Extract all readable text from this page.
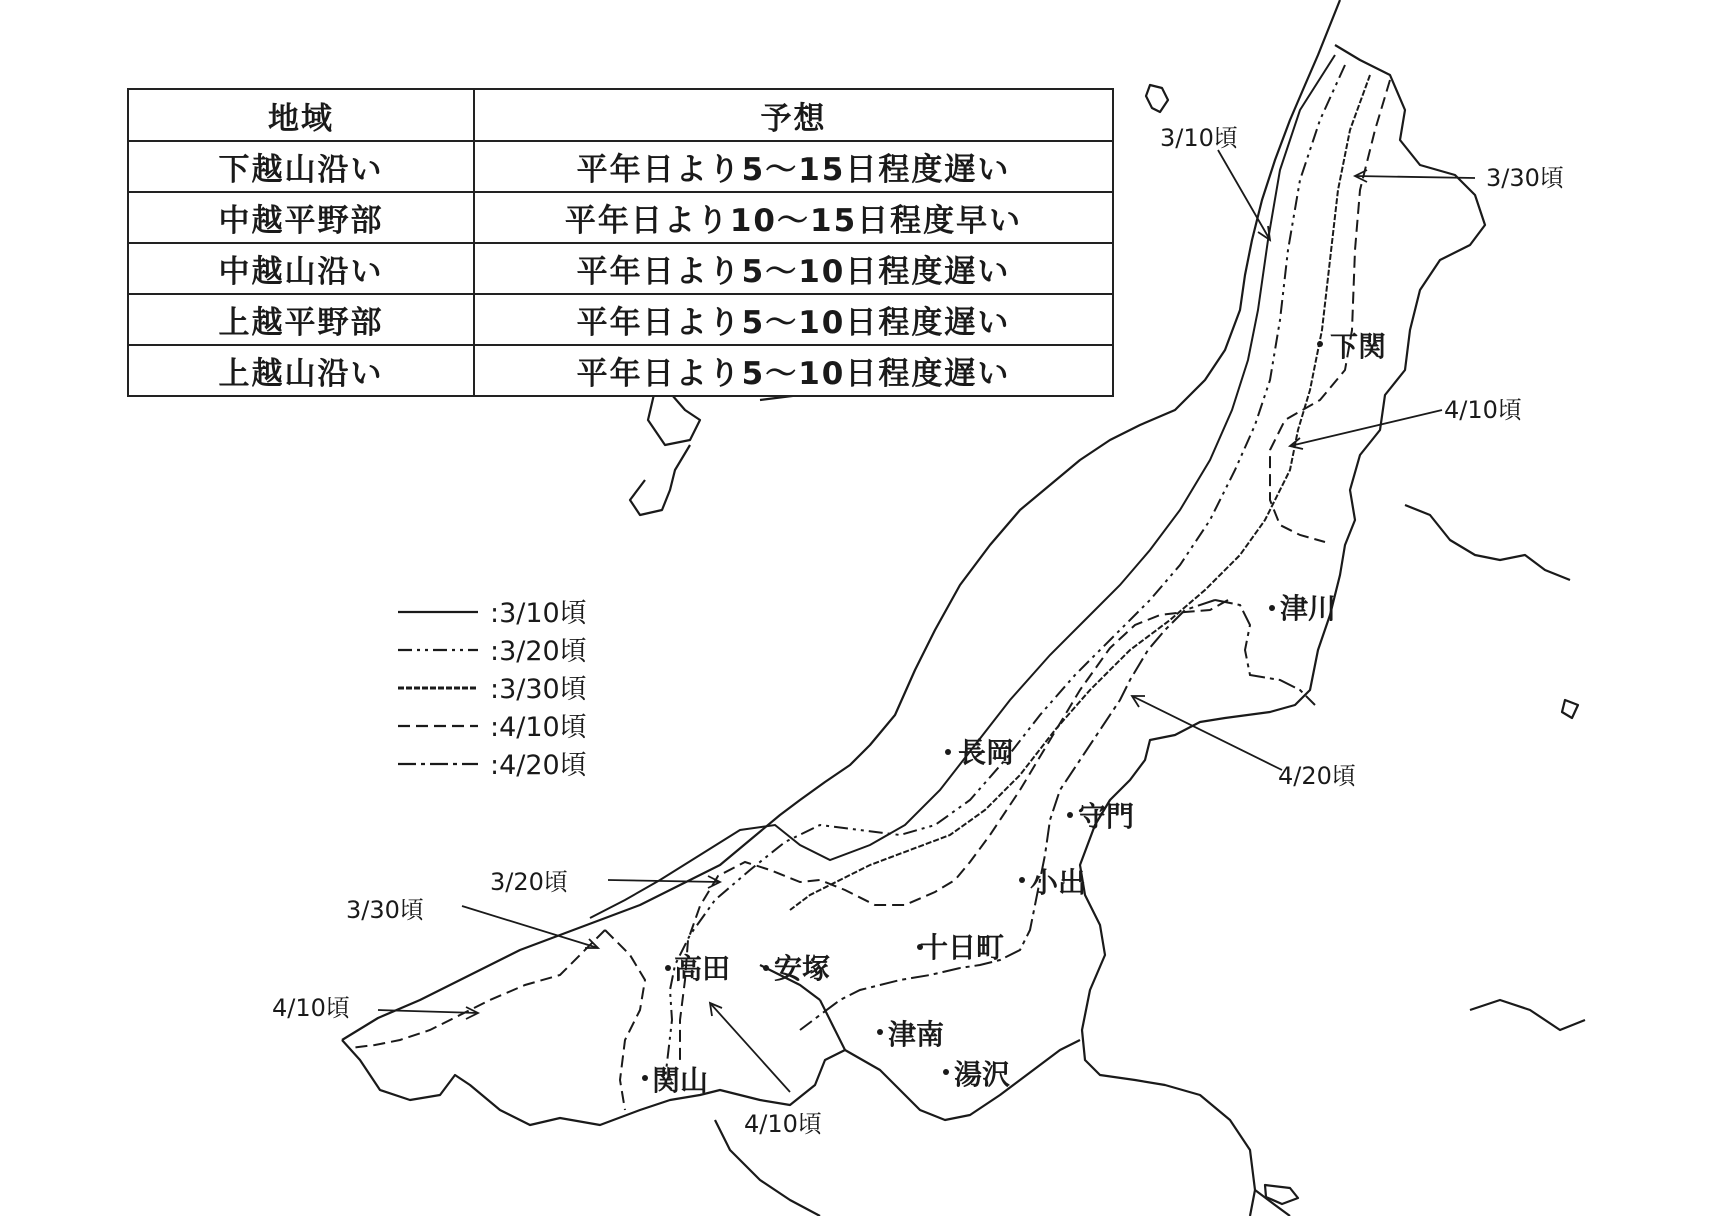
:3/10頃
:3/20頃
:3/30頃
:4/10頃
:4/20頃
3/10頃
3/30頃
4/10頃
4/20頃
3/20頃
3/30頃
4/10頃
4/10頃
下関
津川
長岡
守門
小出
十日町
高田 安塚
関山
津南
湯沢
地域	予想
下越山沿い	平年日より5〜15日程度遅い
中越平野部	平年日より10〜15日程度早い
中越山沿い	平年日より5〜10日程度遅い
上越平野部	平年日より5〜10日程度遅い
上越山沿い	平年日より5〜10日程度遅い
